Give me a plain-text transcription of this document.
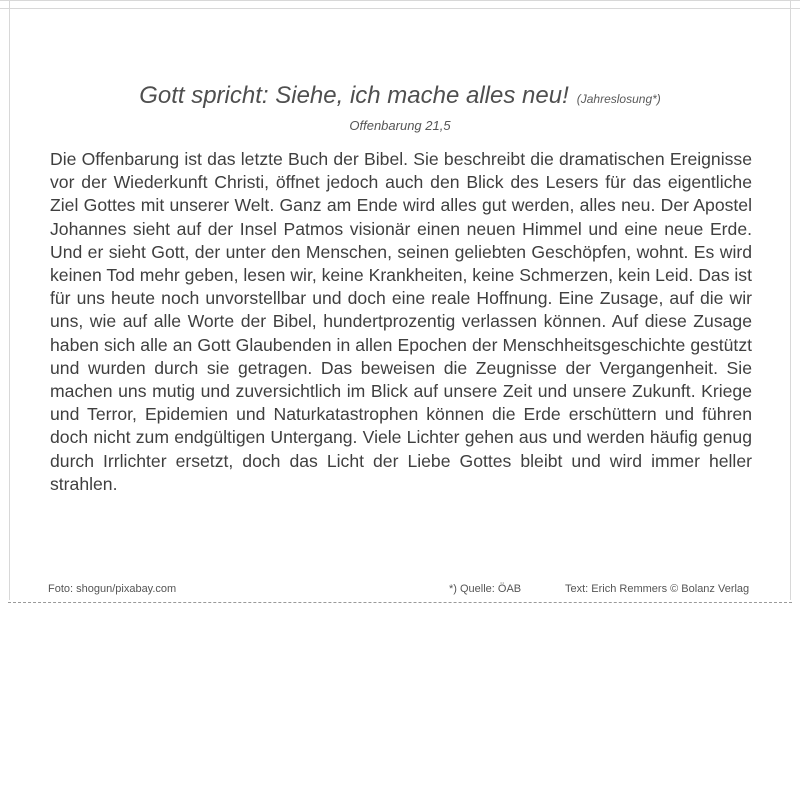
Gott spricht: Siehe, ich mache alles neu! (Jahreslosung*)
Offenbarung 21,5
Die Offenbarung ist das letzte Buch der Bibel. Sie beschreibt die dramatischen Ereignisse vor der Wiederkunft Christi, öffnet jedoch auch den Blick des Lesers für das eigentliche Ziel Gottes mit unserer Welt. Ganz am Ende wird alles gut werden, alles neu. Der Apostel Johannes sieht auf der Insel Patmos visionär einen neuen Himmel und eine neue Erde. Und er sieht Gott, der unter den Menschen, seinen geliebten Geschöpfen, wohnt. Es wird keinen Tod mehr geben, lesen wir, keine Krankheiten, keine Schmerzen, kein Leid. Das ist für uns heute noch unvorstellbar und doch eine reale Hoffnung. Eine Zusage, auf die wir uns, wie auf alle Worte der Bibel, hundertprozentig verlassen können. Auf diese Zusage haben sich alle an Gott Glaubenden in allen Epochen der Menschheitsgeschichte gestützt und wurden durch sie getragen. Das beweisen die Zeugnisse der Vergangenheit. Sie machen uns mutig und zuversichtlich im Blick auf unsere Zeit und unsere Zukunft. Kriege und Terror, Epidemien und Naturkatastrophen können die Erde erschüttern und führen doch nicht zum endgültigen Untergang. Viele Lichter gehen aus und werden häufig genug durch Irrlichter ersetzt, doch das Licht der Liebe Gottes bleibt und wird immer heller strahlen.
Foto: shogun/pixabay.com	*) Quelle: ÖAB	Text: Erich Remmers © Bolanz Verlag
